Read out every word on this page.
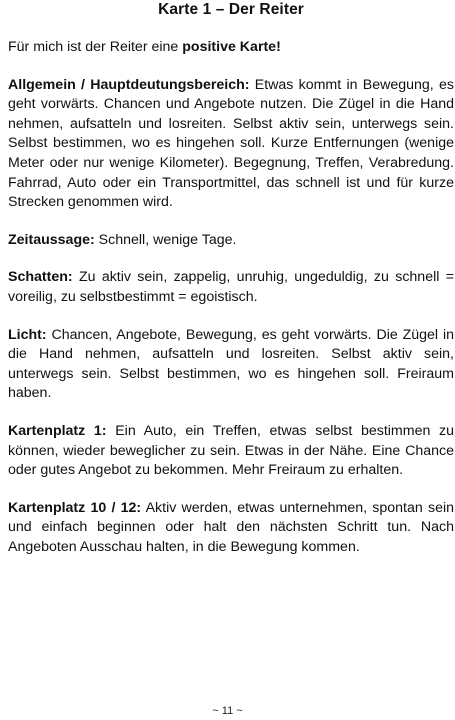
Karte 1 – Der Reiter

Für mich ist der Reiter eine positive Karte!

Allgemein / Hauptdeutungsbereich: Etwas kommt in Bewegung, es geht vorwärts. Chancen und Angebote nutzen. Die Zügel in die Hand nehmen, aufsatteln und losreiten. Selbst aktiv sein, unterwegs sein. Selbst bestimmen, wo es hingehen soll. Kurze Entfernungen (wenige Meter oder nur wenige Kilometer). Begegnung, Treffen, Verabredung. Fahrrad, Auto oder ein Transportmittel, das schnell ist und für kurze Strecken genommen wird.

Zeitaussage: Schnell, wenige Tage.

Schatten: Zu aktiv sein, zappelig, unruhig, ungeduldig, zu schnell = voreilig, zu selbstbestimmt = egoistisch.

Licht: Chancen, Angebote, Bewegung, es geht vorwärts. Die Zügel in die Hand nehmen, aufsatteln und losreiten. Selbst aktiv sein, unterwegs sein. Selbst bestimmen, wo es hingehen soll. Freiraum haben.

Kartenplatz 1: Ein Auto, ein Treffen, etwas selbst bestimmen zu können, wieder beweglicher zu sein. Etwas in der Nähe. Eine Chance oder gutes Angebot zu bekommen. Mehr Freiraum zu erhalten.

Kartenplatz 10 / 12: Aktiv werden, etwas unternehmen, spontan sein und einfach beginnen oder halt den nächsten Schritt tun. Nach Angeboten Ausschau halten, in die Bewegung kommen.

~ 11 ~
